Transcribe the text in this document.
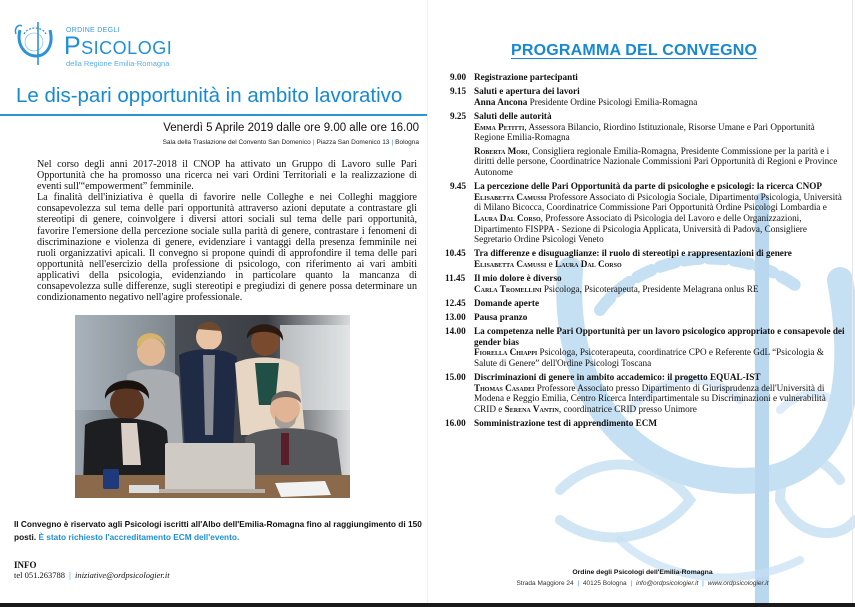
ORDINE DEGLI
Psicologi
della Regione Emilia-Romagna
Le dis-pari opportunità in ambito lavorativo
Venerdì 5 Aprile 2019 dalle ore 9.00 alle ore 16.00
Sala della Traslazione del Convento San Domenico | Piazza San Domenico 13 | Bologna

Nel corso degli anni 2017-2018 il CNOP ha attivato un Gruppo di Lavoro sulle Pari Opportunità che ha promosso una ricerca nei vari Ordini Territoriali e la realizzazione di eventi sull'“empowerment” femminile.

La finalità dell'iniziativa è quella di favorire nelle Colleghe e nei Colleghi maggiore consapevolezza sul tema delle pari opportunità attraverso azioni deputate a contrastare gli stereotipi di genere, coinvolgere i diversi attori sociali sul tema delle pari opportunità, favorire l'emersione della percezione sociale sulla parità di genere, contrastare i fenomeni di discriminazione e violenza di genere, evidenziare i vantaggi della presenza femminile nei ruoli organizzativi apicali. Il convegno si propone quindi di approfondire il tema delle pari opportunità nell'esercizio della professione di psicologo, con riferimento ai vari ambiti applicativi della psicologia, evidenziando in particolare quanto la mancanza di consapevolezza sulle differenze, sugli stereotipi e pregiudizi di genere possa determinare un condizionamento negativo nell'agire professionale.

Il Convegno è riservato agli Psicologi iscritti all'Albo dell'Emilia-Romagna fino al raggiungimento di 150 posti. È stato richiesto l'accreditamento ECM dell'evento.
INFO
tel 051.263788 | iniziative@ordpsicologier.it
PROGRAMMA DEL CONVEGNO
9.00 Registrazione partecipanti
9.15 Saluti e apertura dei lavori
Anna Ancona Presidente Ordine Psicologi Emilia-Romagna
9.25 Saluti delle autorità
Emma Petitti, Assessora Bilancio, Riordino Istituzionale, Risorse Umane e Pari Opportunità Regione Emilia-Romagna
Roberta Mori, Consigliera regionale Emilia-Romagna, Presidente Commissione per la parità e i diritti delle persone, Coordinatrice Nazionale Commissioni Pari Opportunità di Regioni e Province Autonome
9.45 La percezione delle Pari Opportunità da parte di psicologhe e psicologi: la ricerca CNOP
Elisabetta Camussi Professore Associato di Psicologia Sociale, Dipartimento Psicologia, Università di Milano Bicocca, Coordinatrice Commissione Pari Opportunità Ordine Psicologi Lombardia e Laura Dal Corso, Professore Associato di Psicologia del Lavoro e delle Organizzazioni, Dipartimento FISPPA - Sezione di Psicologia Applicata, Università di Padova, Consigliere Segretario Ordine Psicologi Veneto
10.45 Tra differenze e disuguaglianze: il ruolo di stereotipi e rappresentazioni di genere
Elisabetta Camussi e Laura Dal Corso
11.45 Il mio dolore è diverso
Carla Tromellini Psicologa, Psicoterapeuta, Presidente Melagrana onlus RE
12.45 Domande aperte
13.00 Pausa pranzo
14.00 La competenza nelle Pari Opportunità per un lavoro psicologico appropriato e consapevole dei gender bias
Fiorella Chiappi Psicologa, Psicoterapeuta, coordinatrice CPO e Referente GdL “Psicologia & Salute di Genere” dell'Ordine Psicologi Toscana
15.00 Discriminazioni di genere in ambito accademico: il progetto EQUAL-IST
Thomas Casadei Professore Associato presso Dipartimento di Giurisprudenza dell'Università di Modena e Reggio Emilia, Centro Ricerca Interdipartimentale su Discriminazioni e vulnerabilità CRID e Serena Vantin, coordinatrice CRID presso Unimore
16.00 Somministrazione test di apprendimento ECM
Ordine degli Psicologi dell'Emilia-Romagna
Strada Maggiore 24 | 40125 Bologna | info@ordpsicologier.it | www.ordpsicologier.it
